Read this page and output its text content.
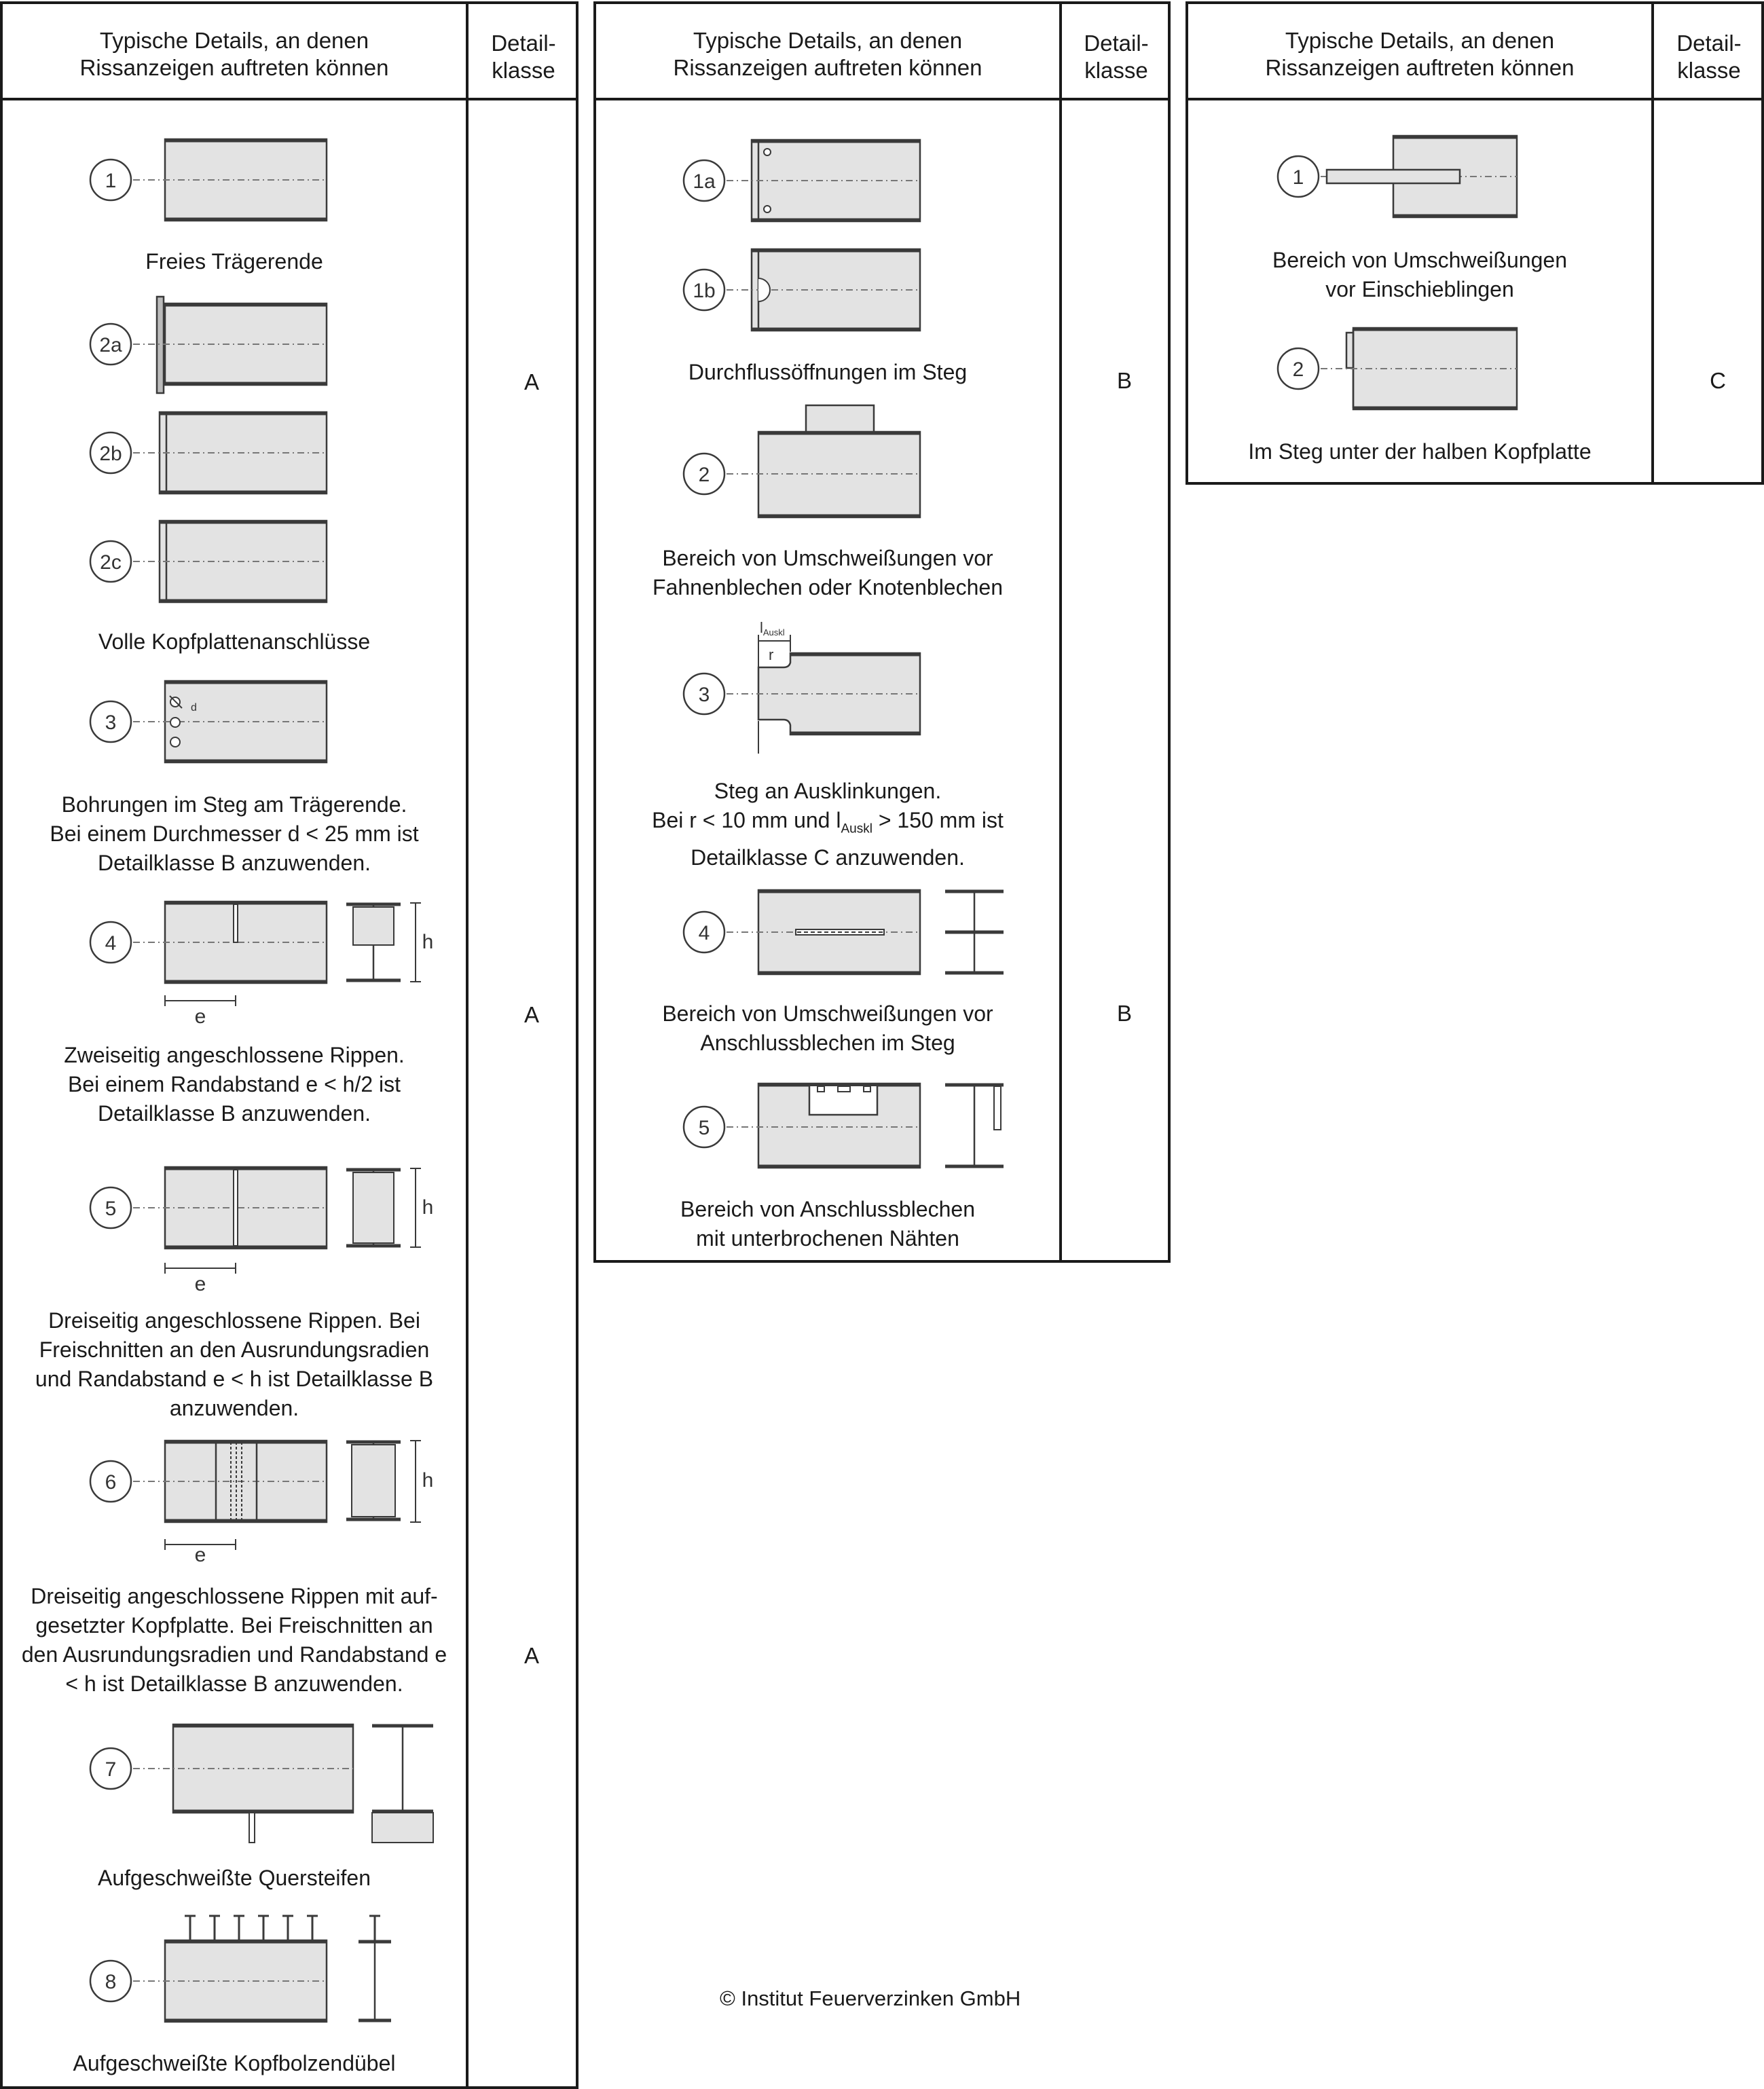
Typische Details, an denen
Rissanzeigen auftreten können
Detail-
klasse
A
A
A
1
2a
2b
2c
3
d
4
e
h
5
e
h
6
e
h
7
8
Freies Trägerende
Volle Kopfplattenanschlüsse
Bohrungen im Steg am Trägerende.
Bei einem Durchmesser d < 25 mm ist
Detailklasse B anzuwenden.
Zweiseitig angeschlossene Rippen.
Bei einem Randabstand e < h/2 ist
Detailklasse B anzuwenden.
Dreiseitig angeschlossene Rippen. Bei
Freischnitten an den Ausrundungsradien
und Randabstand e < h ist Detailklasse B
anzuwenden.
Dreiseitig angeschlossene Rippen mit auf-
gesetzter Kopfplatte. Bei Freischnitten an
den Ausrundungsradien und Randabstand e
< h ist Detailklasse B anzuwenden.
Aufgeschweißte Quersteifen
Aufgeschweißte Kopfbolzendübel
Typische Details, an denen
Rissanzeigen auftreten können
Detail-
klasse
B
B
1a
1b
2
3
lAuskl
r
4
5
Durchflussöffnungen im Steg
Bereich von Umschweißungen vor
Fahnenblechen oder Knotenblechen
Steg an Ausklinkungen.
Bei r < 10 mm und $l_{Auskl} > 150$ mm ist
Detailklasse C anzuwenden.
Bereich von Umschweißungen vor
Anschlussblechen im Steg
Bereich von Anschlussblechen
mit unterbrochenen Nähten
Typische Details, an denen
Rissanzeigen auftreten können
Detail-
klasse
C
1
2
Bereich von Umschweißungen
vor Einschieblingen
Im Steg unter der halben Kopfplatte
© Institut Feuerverzinken GmbH
